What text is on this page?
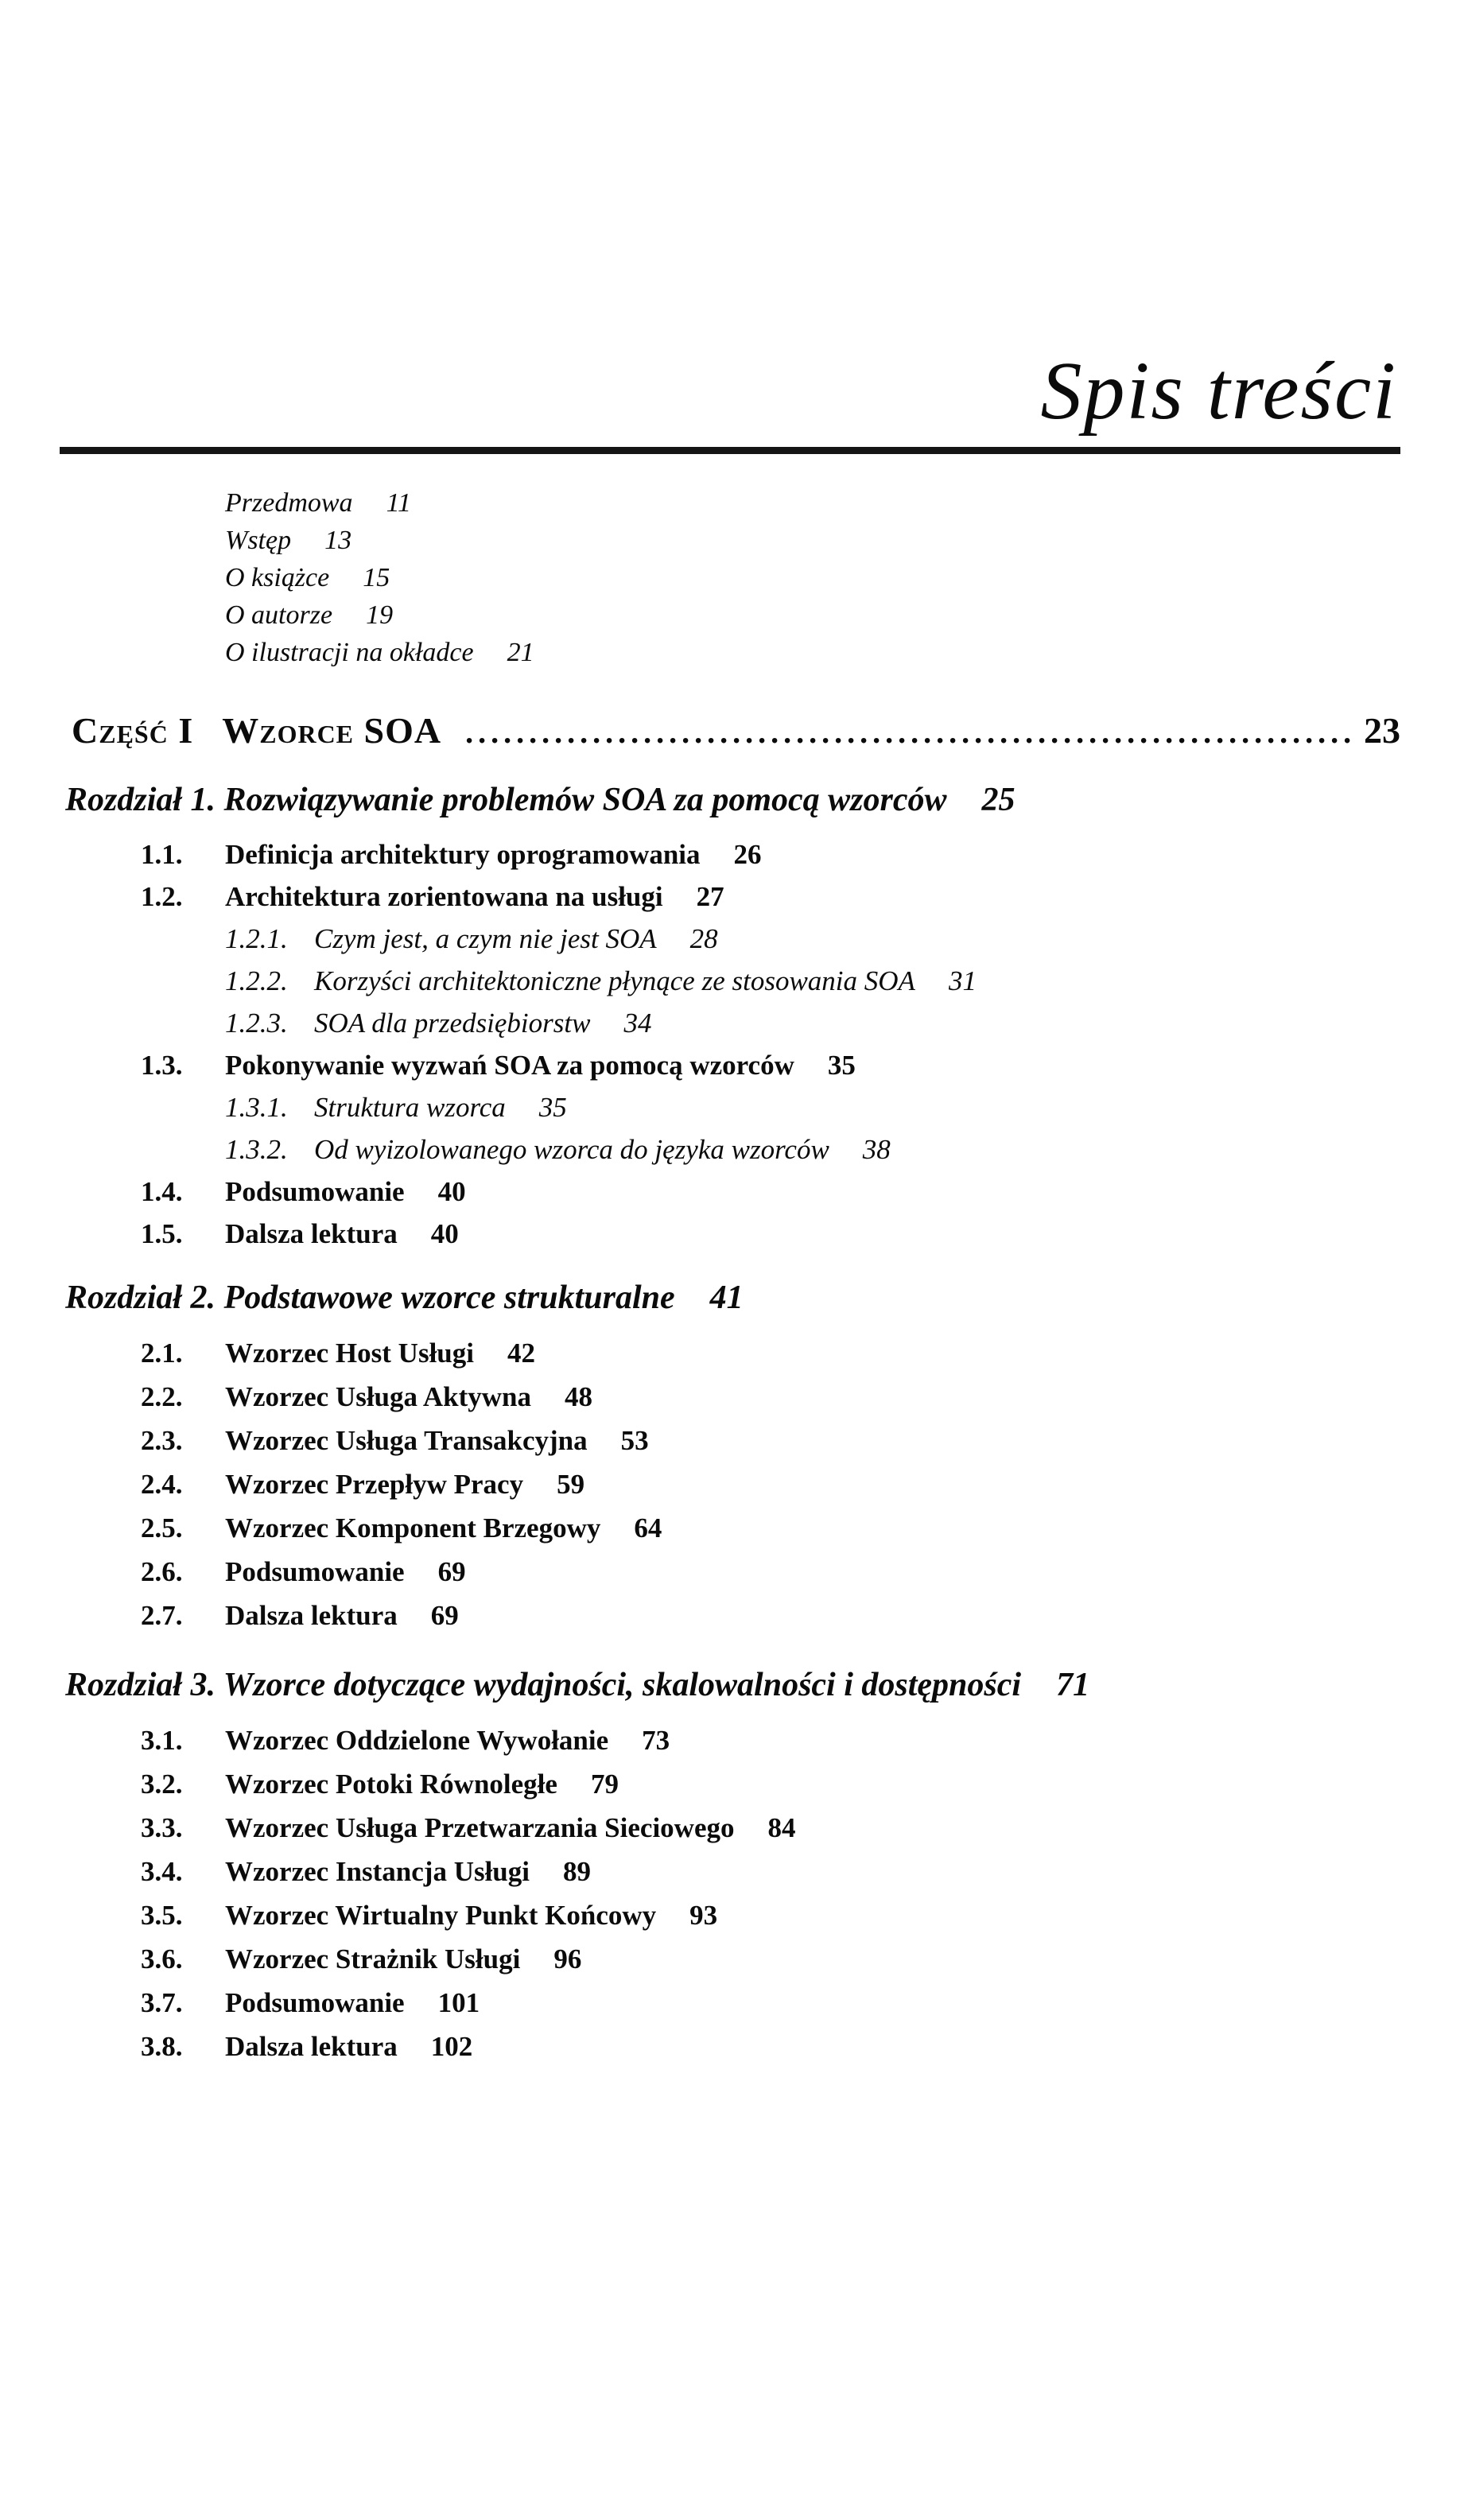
Spis treści
Przedmowa 11
Wstęp 13
O książce 15
O autorze 19
O ilustracji na okładce 21
Część I Wzorce SOA .....	23
Rozdział 1. Rozwiązywanie problemów SOA za pomocą wzorców 25
1.1.	Definicja architektury oprogramowania 26
1.2.	Architektura zorientowana na usługi 27
1.2.1. Czym jest, a czym nie jest SOA 28
1.2.2. Korzyści architektoniczne płynące ze stosowania SOA 31
1.2.3. SOA dla przedsiębiorstw 34
1.3.	Pokonywanie wyzwań SOA za pomocą wzorców 35
1.3.1. Struktura wzorca 35
1.3.2. Od wyizolowanego wzorca do języka wzorców 38
1.4.	Podsumowanie 40
1.5.	Dalsza lektura 40
Rozdział 2. Podstawowe wzorce strukturalne 41
2.1.	Wzorzec Host Usługi 42
2.2.	Wzorzec Usługa Aktywna 48
2.3.	Wzorzec Usługa Transakcyjna 53
2.4.	Wzorzec Przepływ Pracy 59
2.5.	Wzorzec Komponent Brzegowy 64
2.6.	Podsumowanie 69
2.7.	Dalsza lektura 69
Rozdział 3. Wzorce dotyczące wydajności, skalowalności i dostępności 71
3.1.	Wzorzec Oddzielone Wywołanie 73
3.2.	Wzorzec Potoki Równoległe 79
3.3.	Wzorzec Usługa Przetwarzania Sieciowego 84
3.4.	Wzorzec Instancja Usługi 89
3.5.	Wzorzec Wirtualny Punkt Końcowy 93
3.6.	Wzorzec Strażnik Usługi 96
3.7.	Podsumowanie 101
3.8.	Dalsza lektura 102
